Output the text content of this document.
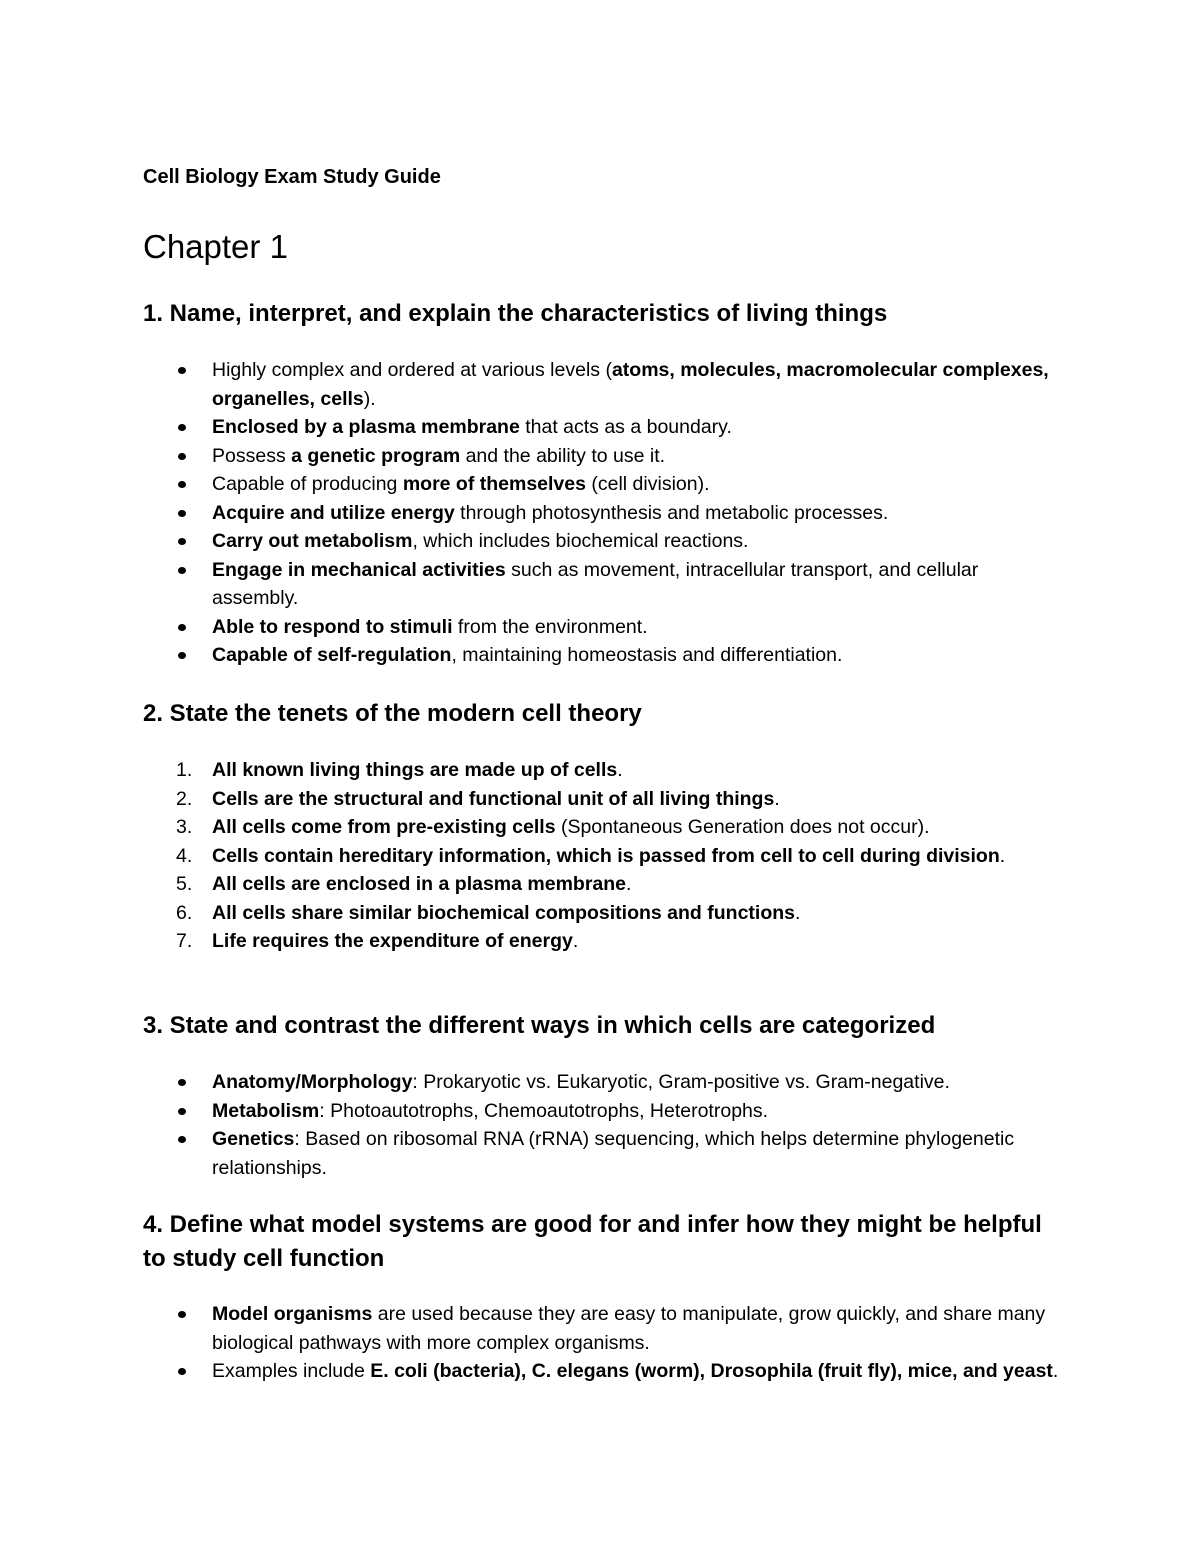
Cell Biology Exam Study Guide
Chapter 1
1. Name, interpret, and explain the characteristics of living things
Highly complex and ordered at various levels (atoms, molecules, macromolecular complexes, organelles, cells).
Enclosed by a plasma membrane that acts as a boundary.
Possess a genetic program and the ability to use it.
Capable of producing more of themselves (cell division).
Acquire and utilize energy through photosynthesis and metabolic processes.
Carry out metabolism, which includes biochemical reactions.
Engage in mechanical activities such as movement, intracellular transport, and cellular assembly.
Able to respond to stimuli from the environment.
Capable of self-regulation, maintaining homeostasis and differentiation.
2. State the tenets of the modern cell theory
1. All known living things are made up of cells.
2. Cells are the structural and functional unit of all living things.
3. All cells come from pre-existing cells (Spontaneous Generation does not occur).
4. Cells contain hereditary information, which is passed from cell to cell during division.
5. All cells are enclosed in a plasma membrane.
6. All cells share similar biochemical compositions and functions.
7. Life requires the expenditure of energy.
3. State and contrast the different ways in which cells are categorized
Anatomy/Morphology: Prokaryotic vs. Eukaryotic, Gram-positive vs. Gram-negative.
Metabolism: Photoautotrophs, Chemoautotrophs, Heterotrophs.
Genetics: Based on ribosomal RNA (rRNA) sequencing, which helps determine phylogenetic relationships.
4. Define what model systems are good for and infer how they might be helpful to study cell function
Model organisms are used because they are easy to manipulate, grow quickly, and share many biological pathways with more complex organisms.
Examples include E. coli (bacteria), C. elegans (worm), Drosophila (fruit fly), mice, and yeast.
